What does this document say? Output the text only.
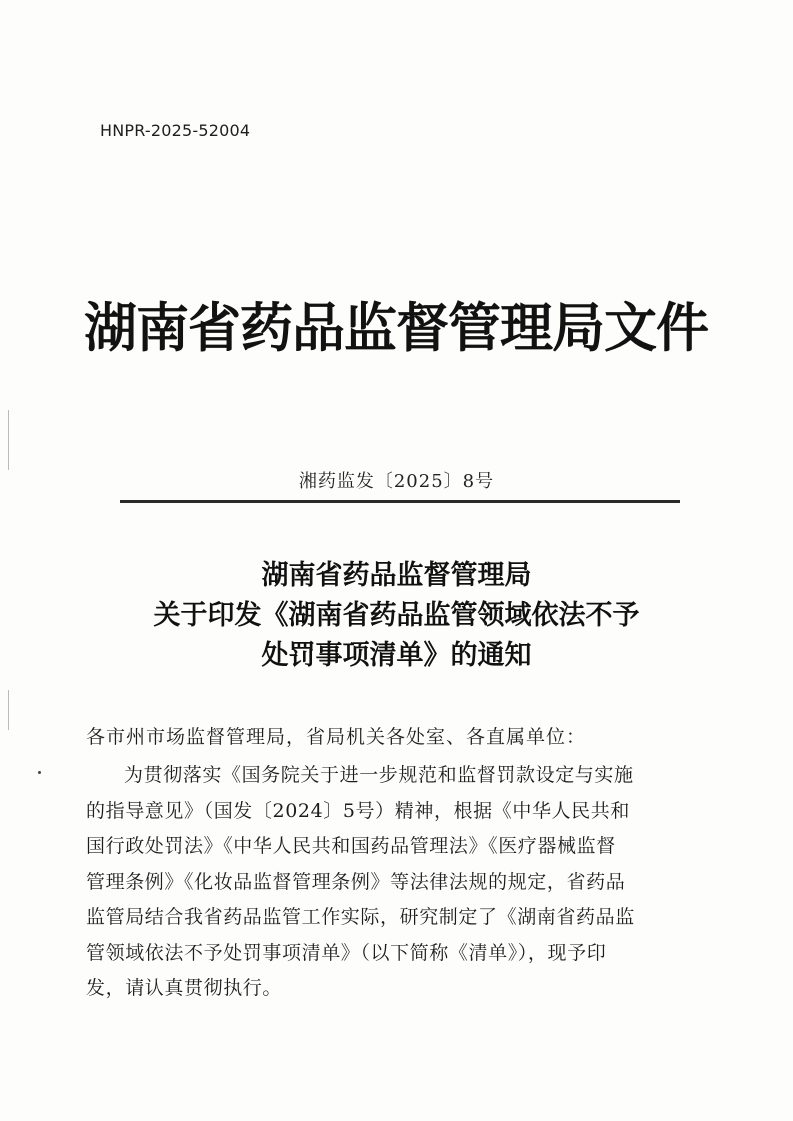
HNPR-2025-52004
湖南省药品监督管理局文件
湘药监发〔2025〕8号
湖南省药品监督管理局
关于印发《湖南省药品监管领域依法不予
处罚事项清单》的通知
各市州市场监督管理局，省局机关各处室、各直属单位：
为贯彻落实《国务院关于进一步规范和监督罚款设定与实施
的指导意见》（国发〔2024〕5号）精神，根据《中华人民共和
国行政处罚法》《中华人民共和国药品管理法》《医疗器械监督
管理条例》《化妆品监督管理条例》等法律法规的规定，省药品
监管局结合我省药品监管工作实际，研究制定了《湖南省药品监
管领域依法不予处罚事项清单》（以下简称《清单》），现予印
发，请认真贯彻执行。
